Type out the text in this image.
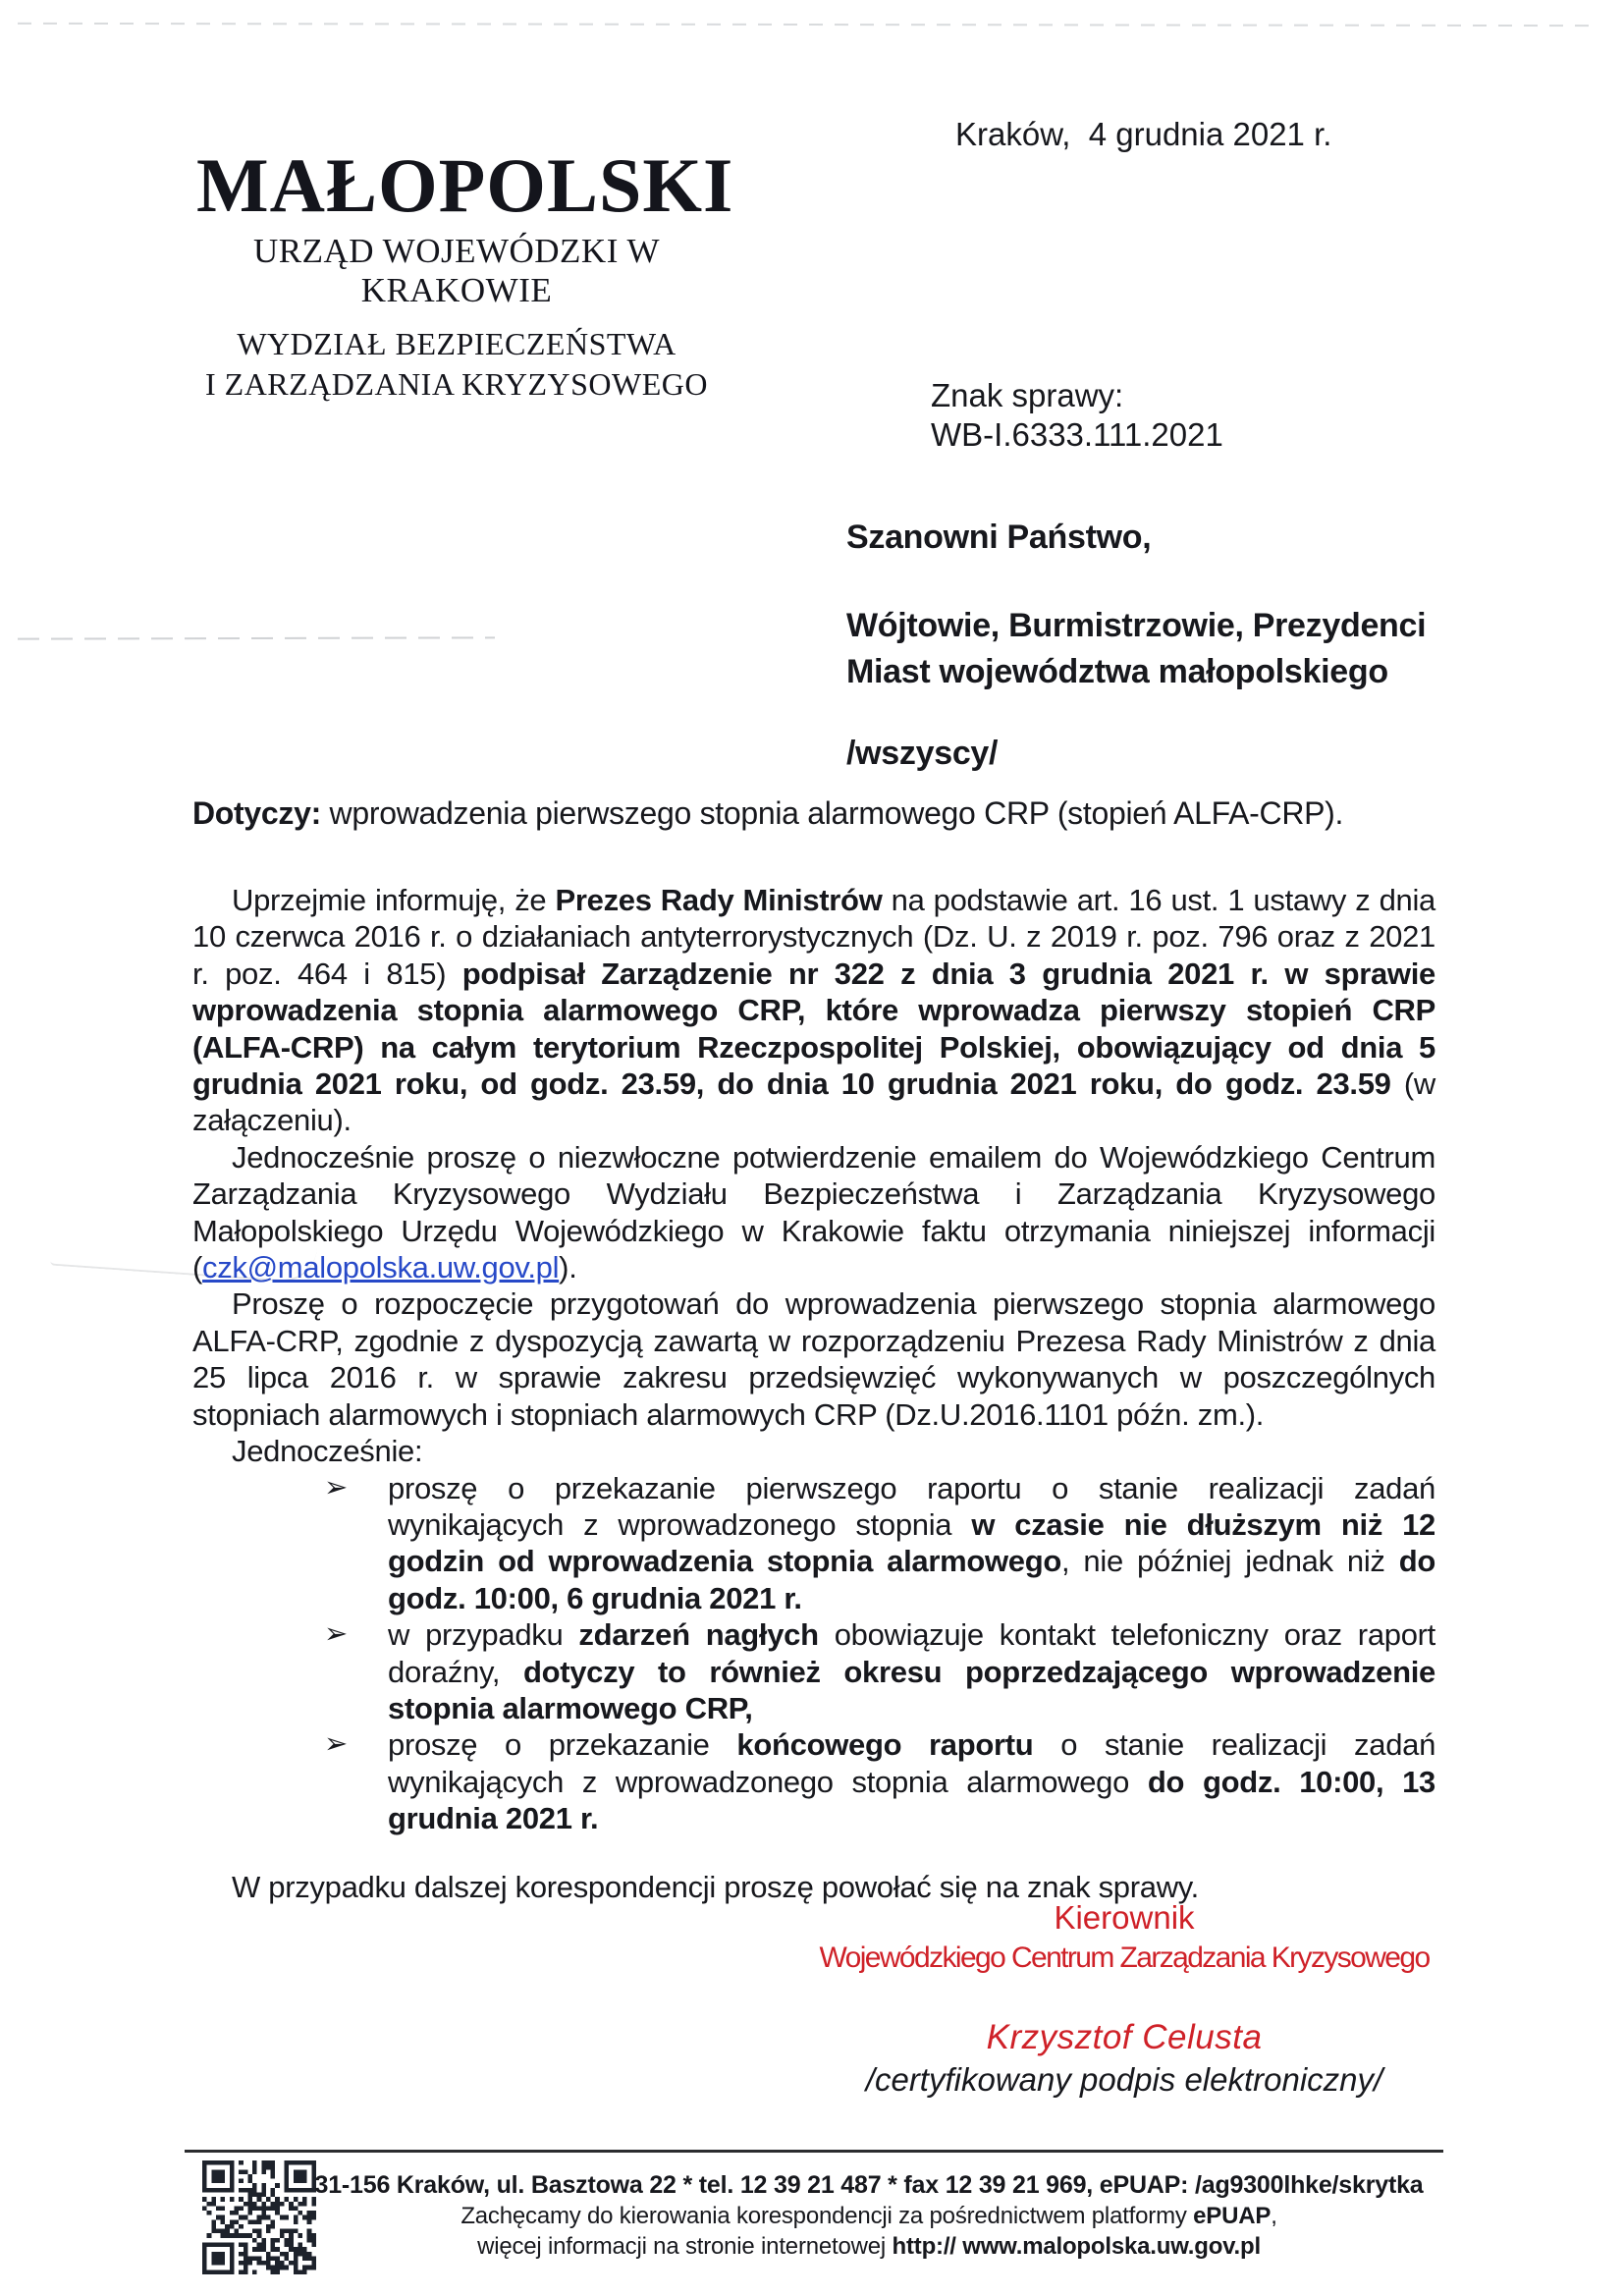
MAŁOPOLSKI
URZĄD WOJEWÓDZKI W KRAKOWIE
WYDZIAŁ BEZPIECZEŃSTWA
I ZARZĄDZANIA KRYZYSOWEGO
Kraków,  4 grudnia 2021 r.
Znak sprawy:
WB-I.6333.111.2021
Szanowni Państwo,
Wójtowie, Burmistrzowie, Prezydenci
Miast województwa małopolskiego
/wszyscy/
Dotyczy: wprowadzenia pierwszego stopnia alarmowego CRP (stopień ALFA-CRP).

Uprzejmie informuję, że Prezes Rady Ministrów na podstawie art. 16 ust. 1 ustawy z dnia 10 czerwca 2016 r. o działaniach antyterrorystycznych (Dz. U. z 2019 r. poz. 796 oraz z 2021 r. poz. 464 i 815) podpisał Zarządzenie nr 322 z dnia 3 grudnia 2021 r. w sprawie wprowadzenia stopnia alarmowego CRP, które wprowadza pierwszy stopień CRP (ALFA-CRP) na całym terytorium Rzeczpospolitej Polskiej, obowiązujący od dnia 5 grudnia 2021 roku, od godz. 23.59, do dnia 10 grudnia 2021 roku, do godz. 23.59 (w załączeniu).

Jednocześnie proszę o niezwłoczne potwierdzenie emailem do Wojewódzkiego Centrum Zarządzania Kryzysowego Wydziału Bezpieczeństwa i Zarządzania Kryzysowego Małopolskiego Urzędu Wojewódzkiego w Krakowie faktu otrzymania niniejszej informacji (czk@malopolska.uw.gov.pl).

Proszę o rozpoczęcie przygotowań do wprowadzenia pierwszego stopnia alarmowego ALFA-CRP, zgodnie z dyspozycją zawartą w rozporządzeniu Prezesa Rady Ministrów z dnia 25 lipca 2016 r. w sprawie zakresu przedsięwzięć wykonywanych w poszczególnych stopniach alarmowych i stopniach alarmowych CRP (Dz.U.2016.1101 późn. zm.).

Jednocześnie:

➢ proszę o przekazanie pierwszego raportu o stanie realizacji zadań wynikających z wprowadzonego stopnia w czasie nie dłuższym niż 12 godzin od wprowadzenia stopnia alarmowego, nie później jednak niż do godz. 10:00, 6 grudnia 2021 r.
➢ w przypadku zdarzeń nagłych obowiązuje kontakt telefoniczny oraz raport doraźny, dotyczy to również okresu poprzedzającego wprowadzenie stopnia alarmowego CRP,
➢ proszę o przekazanie końcowego raportu o stanie realizacji zadań wynikających z wprowadzonego stopnia alarmowego do godz. 10:00, 13 grudnia 2021 r.

W przypadku dalszej korespondencji proszę powołać się na znak sprawy.

Kierownik
Wojewódzkiego Centrum Zarządzania Kryzysowego
Krzysztof Celusta
/certyfikowany podpis elektroniczny/
31-156 Kraków, ul. Basztowa 22 * tel. 12 39 21 487 * fax 12 39 21 969, ePUAP: /ag9300lhke/skrytka
Zachęcamy do kierowania korespondencji za pośrednictwem platformy ePUAP,
więcej informacji na stronie internetowej http:// www.malopolska.uw.gov.pl
